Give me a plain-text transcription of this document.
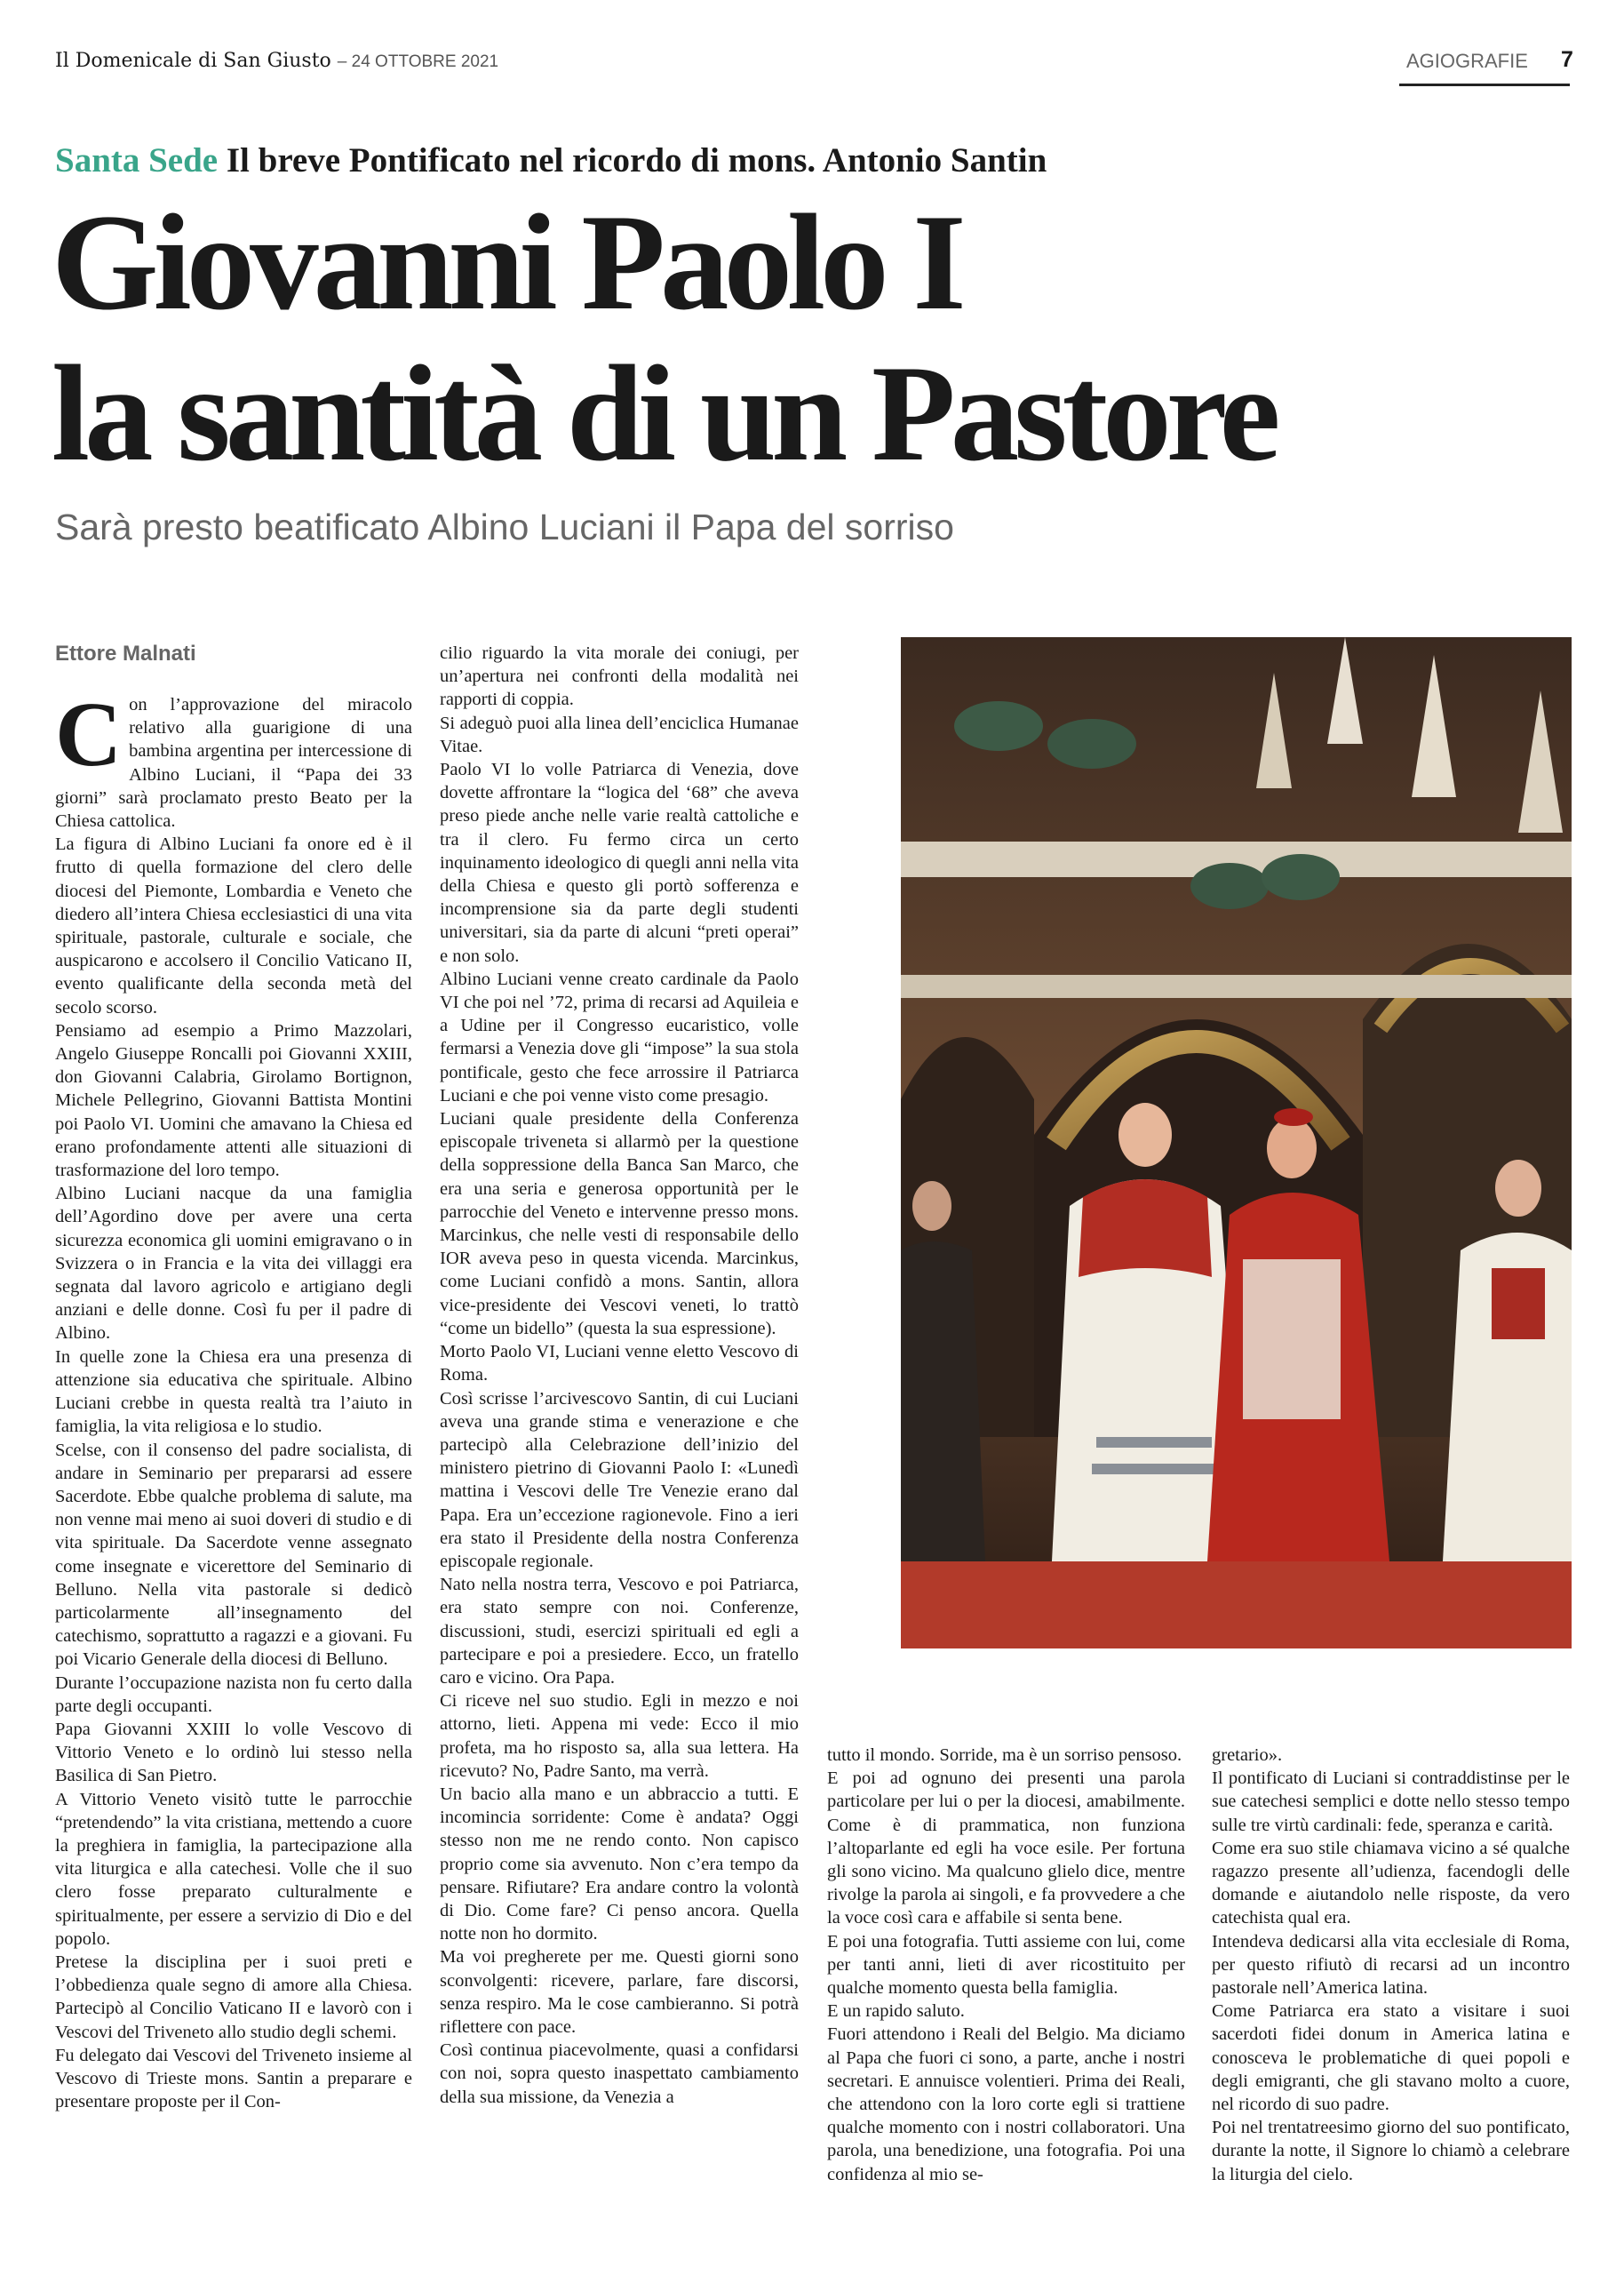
Il Domenicale di San Giusto – 24 OTTOBRE 2021	AGIOGRAFIE 7
Santa Sede Il breve Pontificato nel ricordo di mons. Antonio Santin
Giovanni Paolo I
la santità di un Pastore
Sarà presto beatificato Albino Luciani il Papa del sorriso
Ettore Malnati
C on l’approvazione del miracolo relativo alla guarigione di una bambina argentina per intercessione di Albino Luciani, il “Papa dei 33 giorni” sarà proclamato presto Beato per la Chiesa cattolica.

La figura di Albino Luciani fa onore ed è il frutto di quella formazione del clero delle diocesi del Piemonte, Lombardia e Veneto che diedero all’intera Chiesa ecclesiastici di una vita spirituale, pastorale, culturale e sociale, che auspicarono e accolsero il Concilio Vaticano II, evento qualificante della seconda metà del secolo scorso.

Pensiamo ad esempio a Primo Mazzolari, Angelo Giuseppe Roncalli poi Giovanni XXIII, don Giovanni Calabria, Girolamo Bortignon, Michele Pellegrino, Giovanni Battista Montini poi Paolo VI. Uomini che amavano la Chiesa ed erano profondamente attenti alle situazioni di trasformazione del loro tempo.

Albino Luciani nacque da una famiglia dell’Agordino dove per avere una certa sicurezza economica gli uomini emigravano o in Svizzera o in Francia e la vita dei villaggi era segnata dal lavoro agricolo e artigiano degli anziani e delle donne. Così fu per il padre di Albino.

In quelle zone la Chiesa era una presenza di attenzione sia educativa che spirituale. Albino Luciani crebbe in questa realtà tra l’aiuto in famiglia, la vita religiosa e lo studio.

Scelse, con il consenso del padre socialista, di andare in Seminario per prepararsi ad essere Sacerdote. Ebbe qualche problema di salute, ma non venne mai meno ai suoi doveri di studio e di vita spirituale. Da Sacerdote venne assegnato come insegnate e vicerettore del Seminario di Belluno. Nella vita pastorale si dedicò particolarmente all’insegnamento del catechismo, soprattutto a ragazzi e a giovani. Fu poi Vicario Generale della diocesi di Belluno.

Durante l’occupazione nazista non fu certo dalla parte degli occupanti.

Papa Giovanni XXIII lo volle Vescovo di Vittorio Veneto e lo ordinò lui stesso nella Basilica di San Pietro.

A Vittorio Veneto visitò tutte le parrocchie “pretendendo” la vita cristiana, mettendo a cuore la preghiera in famiglia, la partecipazione alla vita liturgica e alla catechesi. Volle che il suo clero fosse preparato culturalmente e spiritualmente, per essere a servizio di Dio e del popolo.

Pretese la disciplina per i suoi preti e l’obbedienza quale segno di amore alla Chiesa. Partecipò al Concilio Vaticano II e lavorò con i Vescovi del Triveneto allo studio degli schemi.

Fu delegato dai Vescovi del Triveneto insieme al Vescovo di Trieste mons. Santin a preparare e presentare proposte per il Con-

cilio riguardo la vita morale dei coniugi, per un’apertura nei confronti della modalità nei rapporti di coppia.

Si adeguò puoi alla linea dell’enciclica Humanae Vitae.

Paolo VI lo volle Patriarca di Venezia, dove dovette affrontare la “logica del ‘68” che aveva preso piede anche nelle varie realtà cattoliche e tra il clero. Fu fermo circa un certo inquinamento ideologico di quegli anni nella vita della Chiesa e questo gli portò sofferenza e incomprensione sia da parte degli studenti universitari, sia da parte di alcuni “preti operai” e non solo.

Albino Luciani venne creato cardinale da Paolo VI che poi nel ’72, prima di recarsi ad Aquileia e a Udine per il Congresso eucaristico, volle fermarsi a Venezia dove gli “impose” la sua stola pontificale, gesto che fece arrossire il Patriarca Luciani e che poi venne visto come presagio.

Luciani quale presidente della Conferenza episcopale triveneta si allarmò per la questione della soppressione della Banca San Marco, che era una seria e generosa opportunità per le parrocchie del Veneto e intervenne presso mons. Marcinkus, che nelle vesti di responsabile dello IOR aveva peso in questa vicenda. Marcinkus, come Luciani confidò a mons. Santin, allora vice-presidente dei Vescovi veneti, lo trattò “come un bidello” (questa la sua espressione).

Morto Paolo VI, Luciani venne eletto Vescovo di Roma.

Così scrisse l’arcivescovo Santin, di cui Luciani aveva una grande stima e venerazione e che partecipò alla Celebrazione dell’inizio del ministero pietrino di Giovanni Paolo I: «Lunedì mattina i Vescovi delle Tre Venezie erano dal Papa. Era un’eccezione ragionevole. Fino a ieri era stato il Presidente della nostra Conferenza episcopale regionale.

Nato nella nostra terra, Vescovo e poi Patriarca, era stato sempre con noi. Conferenze, discussioni, studi, esercizi spirituali ed egli a partecipare e poi a presiedere. Ecco, un fratello caro e vicino. Ora Papa.

Ci riceve nel suo studio. Egli in mezzo e noi attorno, lieti. Appena mi vede: Ecco il mio profeta, ma ho risposto sa, alla sua lettera. Ha ricevuto? No, Padre Santo, ma verrà.

Un bacio alla mano e un abbraccio a tutti. E incomincia sorridente: Come è andata? Oggi stesso non me ne rendo conto. Non capisco proprio come sia avvenuto. Non c’era tempo da pensare. Rifiutare? Era andare contro la volontà di Dio. Come fare? Ci penso ancora. Quella notte non ho dormito.

Ma voi pregherete per me. Questi giorni sono sconvolgenti: ricevere, parlare, fare discorsi, senza respiro. Ma le cose cambieranno. Si potrà riflettere con pace.

Così continua piacevolmente, quasi a confidarsi con noi, sopra questo inaspettato cambiamento della sua missione, da Venezia a

tutto il mondo. Sorride, ma è un sorriso pensoso.

E poi ad ognuno dei presenti una parola particolare per lui o per la diocesi, amabilmente. Come è di prammatica, non funziona l’altoparlante ed egli ha voce esile. Per fortuna gli sono vicino. Ma qualcuno glielo dice, mentre rivolge la parola ai singoli, e fa provvedere a che la voce così cara e affabile si senta bene.

E poi una fotografia. Tutti assieme con lui, come per tanti anni, lieti di aver ricostituito per qualche momento questa bella famiglia.

E un rapido saluto.

Fuori attendono i Reali del Belgio. Ma diciamo al Papa che fuori ci sono, a parte, anche i nostri secretari. E annuisce volentieri. Prima dei Reali, che attendono con la loro corte egli si trattiene qualche momento con i nostri collaboratori. Una parola, una benedizione, una fotografia. Poi una confidenza al mio se-

gretario».

Il pontificato di Luciani si contraddistinse per le sue catechesi semplici e dotte nello stesso tempo sulle tre virtù cardinali: fede, speranza e carità.

Come era suo stile chiamava vicino a sé qualche ragazzo presente all’udienza, facendogli delle domande e aiutandolo nelle risposte, da vero catechista qual era.

Intendeva dedicarsi alla vita ecclesiale di Roma, per questo rifiutò di recarsi ad un incontro pastorale nell’America latina.

Come Patriarca era stato a visitare i suoi sacerdoti fidei donum in America latina e conosceva le problematiche di quei popoli e degli emigranti, che gli stavano molto a cuore, nel ricordo di suo padre.

Poi nel trentatreesimo giorno del suo pontificato, durante la notte, il Signore lo chiamò a celebrare la liturgia del cielo.
